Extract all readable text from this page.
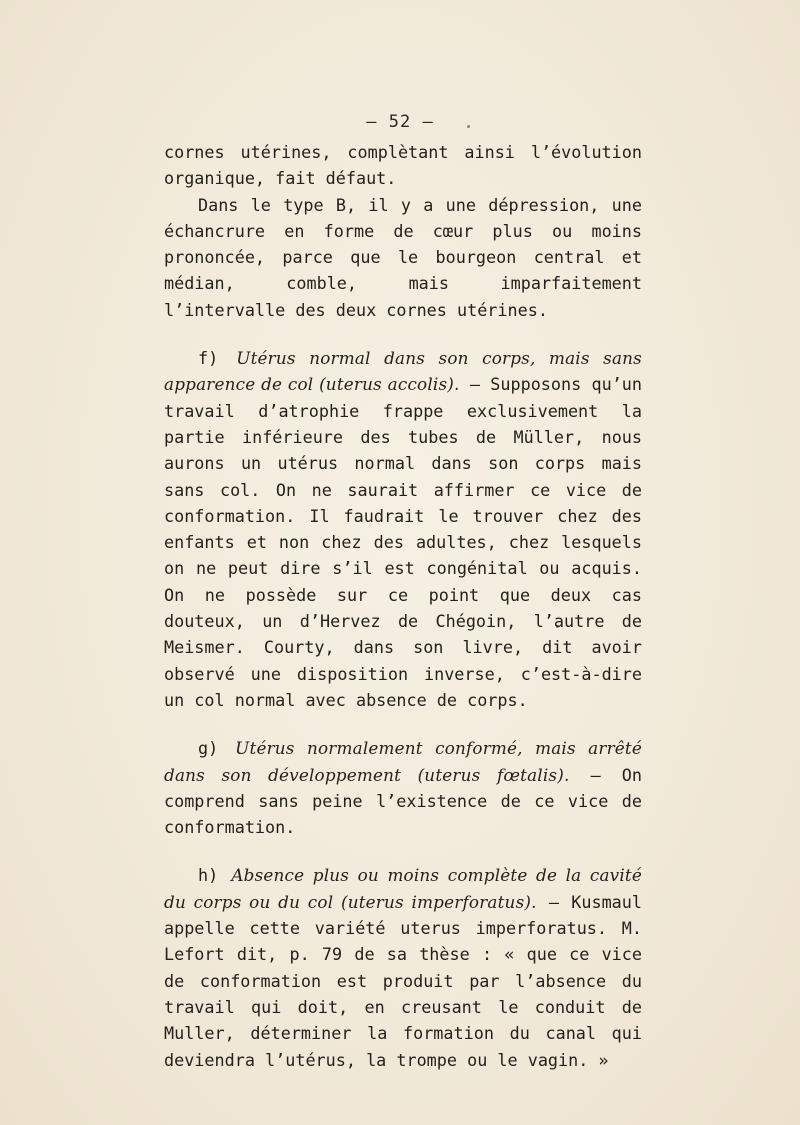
– 52 –

cornes utérines, complètant ainsi l’évolution organique, fait défaut.

Dans le type B, il y a une dépression, une échancrure en forme de cœur plus ou moins prononcée, parce que le bourgeon central et médian, comble, mais imparfaitement l’intervalle des deux cornes utérines.

f) Utérus normal dans son corps, mais sans apparence de col (uterus accolis). — Supposons qu’un travail d’atrophie frappe exclusivement la partie inférieure des tubes de Müller, nous aurons un utérus normal dans son corps mais sans col. On ne saurait affirmer ce vice de conformation. Il faudrait le trouver chez des enfants et non chez des adultes, chez lesquels on ne peut dire s’il est congénital ou acquis. On ne possède sur ce point que deux cas douteux, un d’Hervez de Chégoin, l’autre de Meismer. Courty, dans son livre, dit avoir observé une disposition inverse, c’est-à-dire un col normal avec absence de corps.

g) Utérus normalement conformé, mais arrêté dans son développement (uterus fœtalis). — On comprend sans peine l’existence de ce vice de conformation.

h) Absence plus ou moins complète de la cavité du corps ou du col (uterus imperforatus). — Kusmaul appelle cette variété uterus imperforatus. M. Lefort dit, p. 79 de sa thèse : « que ce vice de conformation est produit par l’absence du travail qui doit, en creusant le conduit de Muller, déterminer la formation du canal qui deviendra l’utérus, la trompe ou le vagin. »
